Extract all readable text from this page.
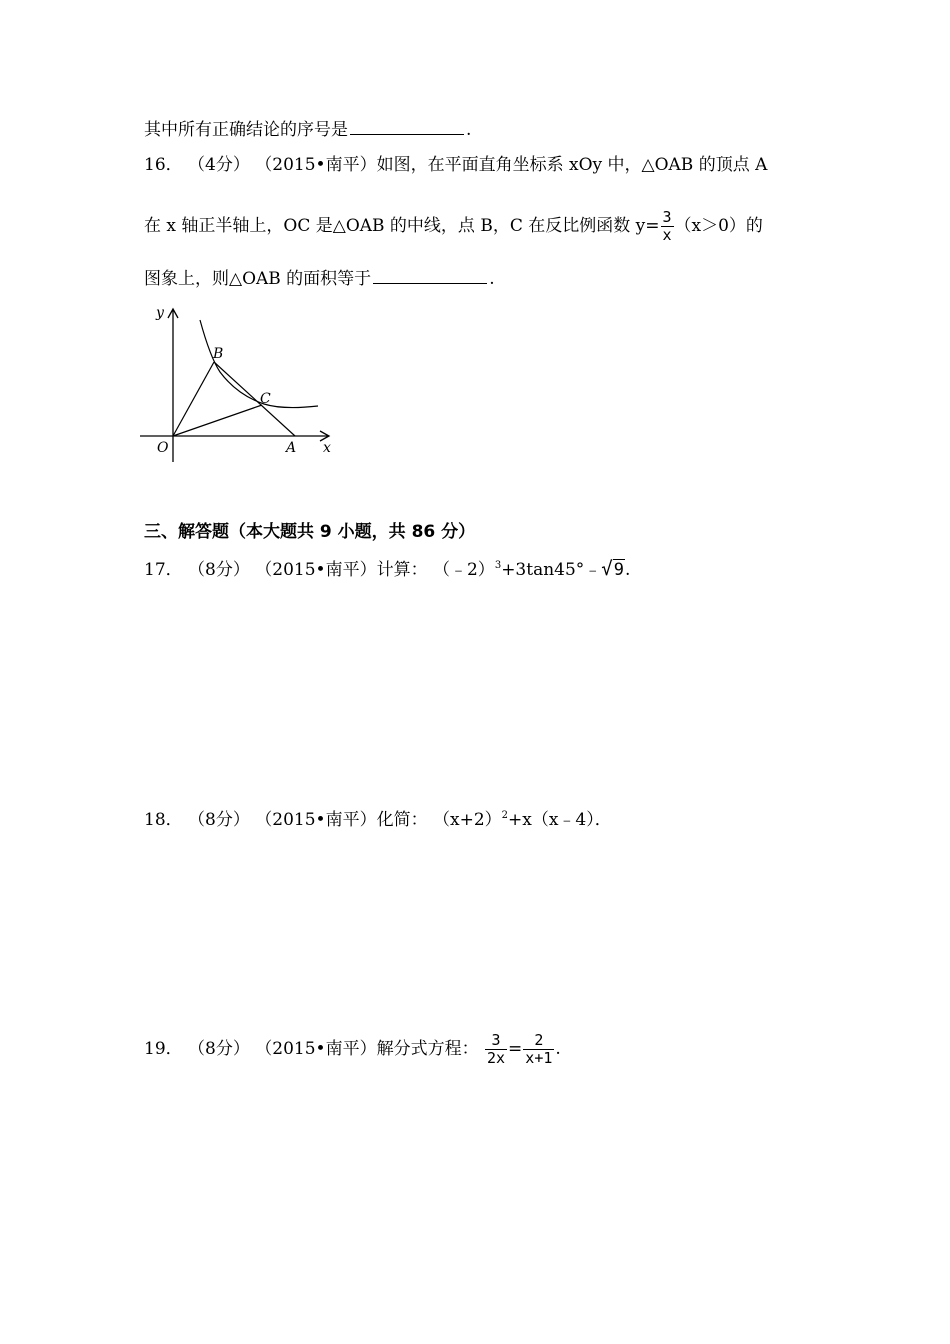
其中所有正确结论的序号是	.
16． （4分） （2015•南平）如图，在平面直角坐标系 xOy 中，△OAB 的顶点 A
在 x 轴正半轴上，OC 是△OAB 的中线，点 B，C 在反比例函数 $y= \frac{3}{x} (x>0)$的
图象上，则△OAB 的面积等于	.
y
x
O	A
B
C
三、解答题（本大题共 9 小题，共 86 分）
17． （8分） （2015•南平）计算： （﹣2）$^3$+3tan45°﹣√9.
18． （8分） （2015•南平）化简： $(x+2)^2+x(x﹣4)$．
19． （8分） （2015•南平）解分式方程： $\frac{3}{2x} = \frac{2}{x+1}$ .
